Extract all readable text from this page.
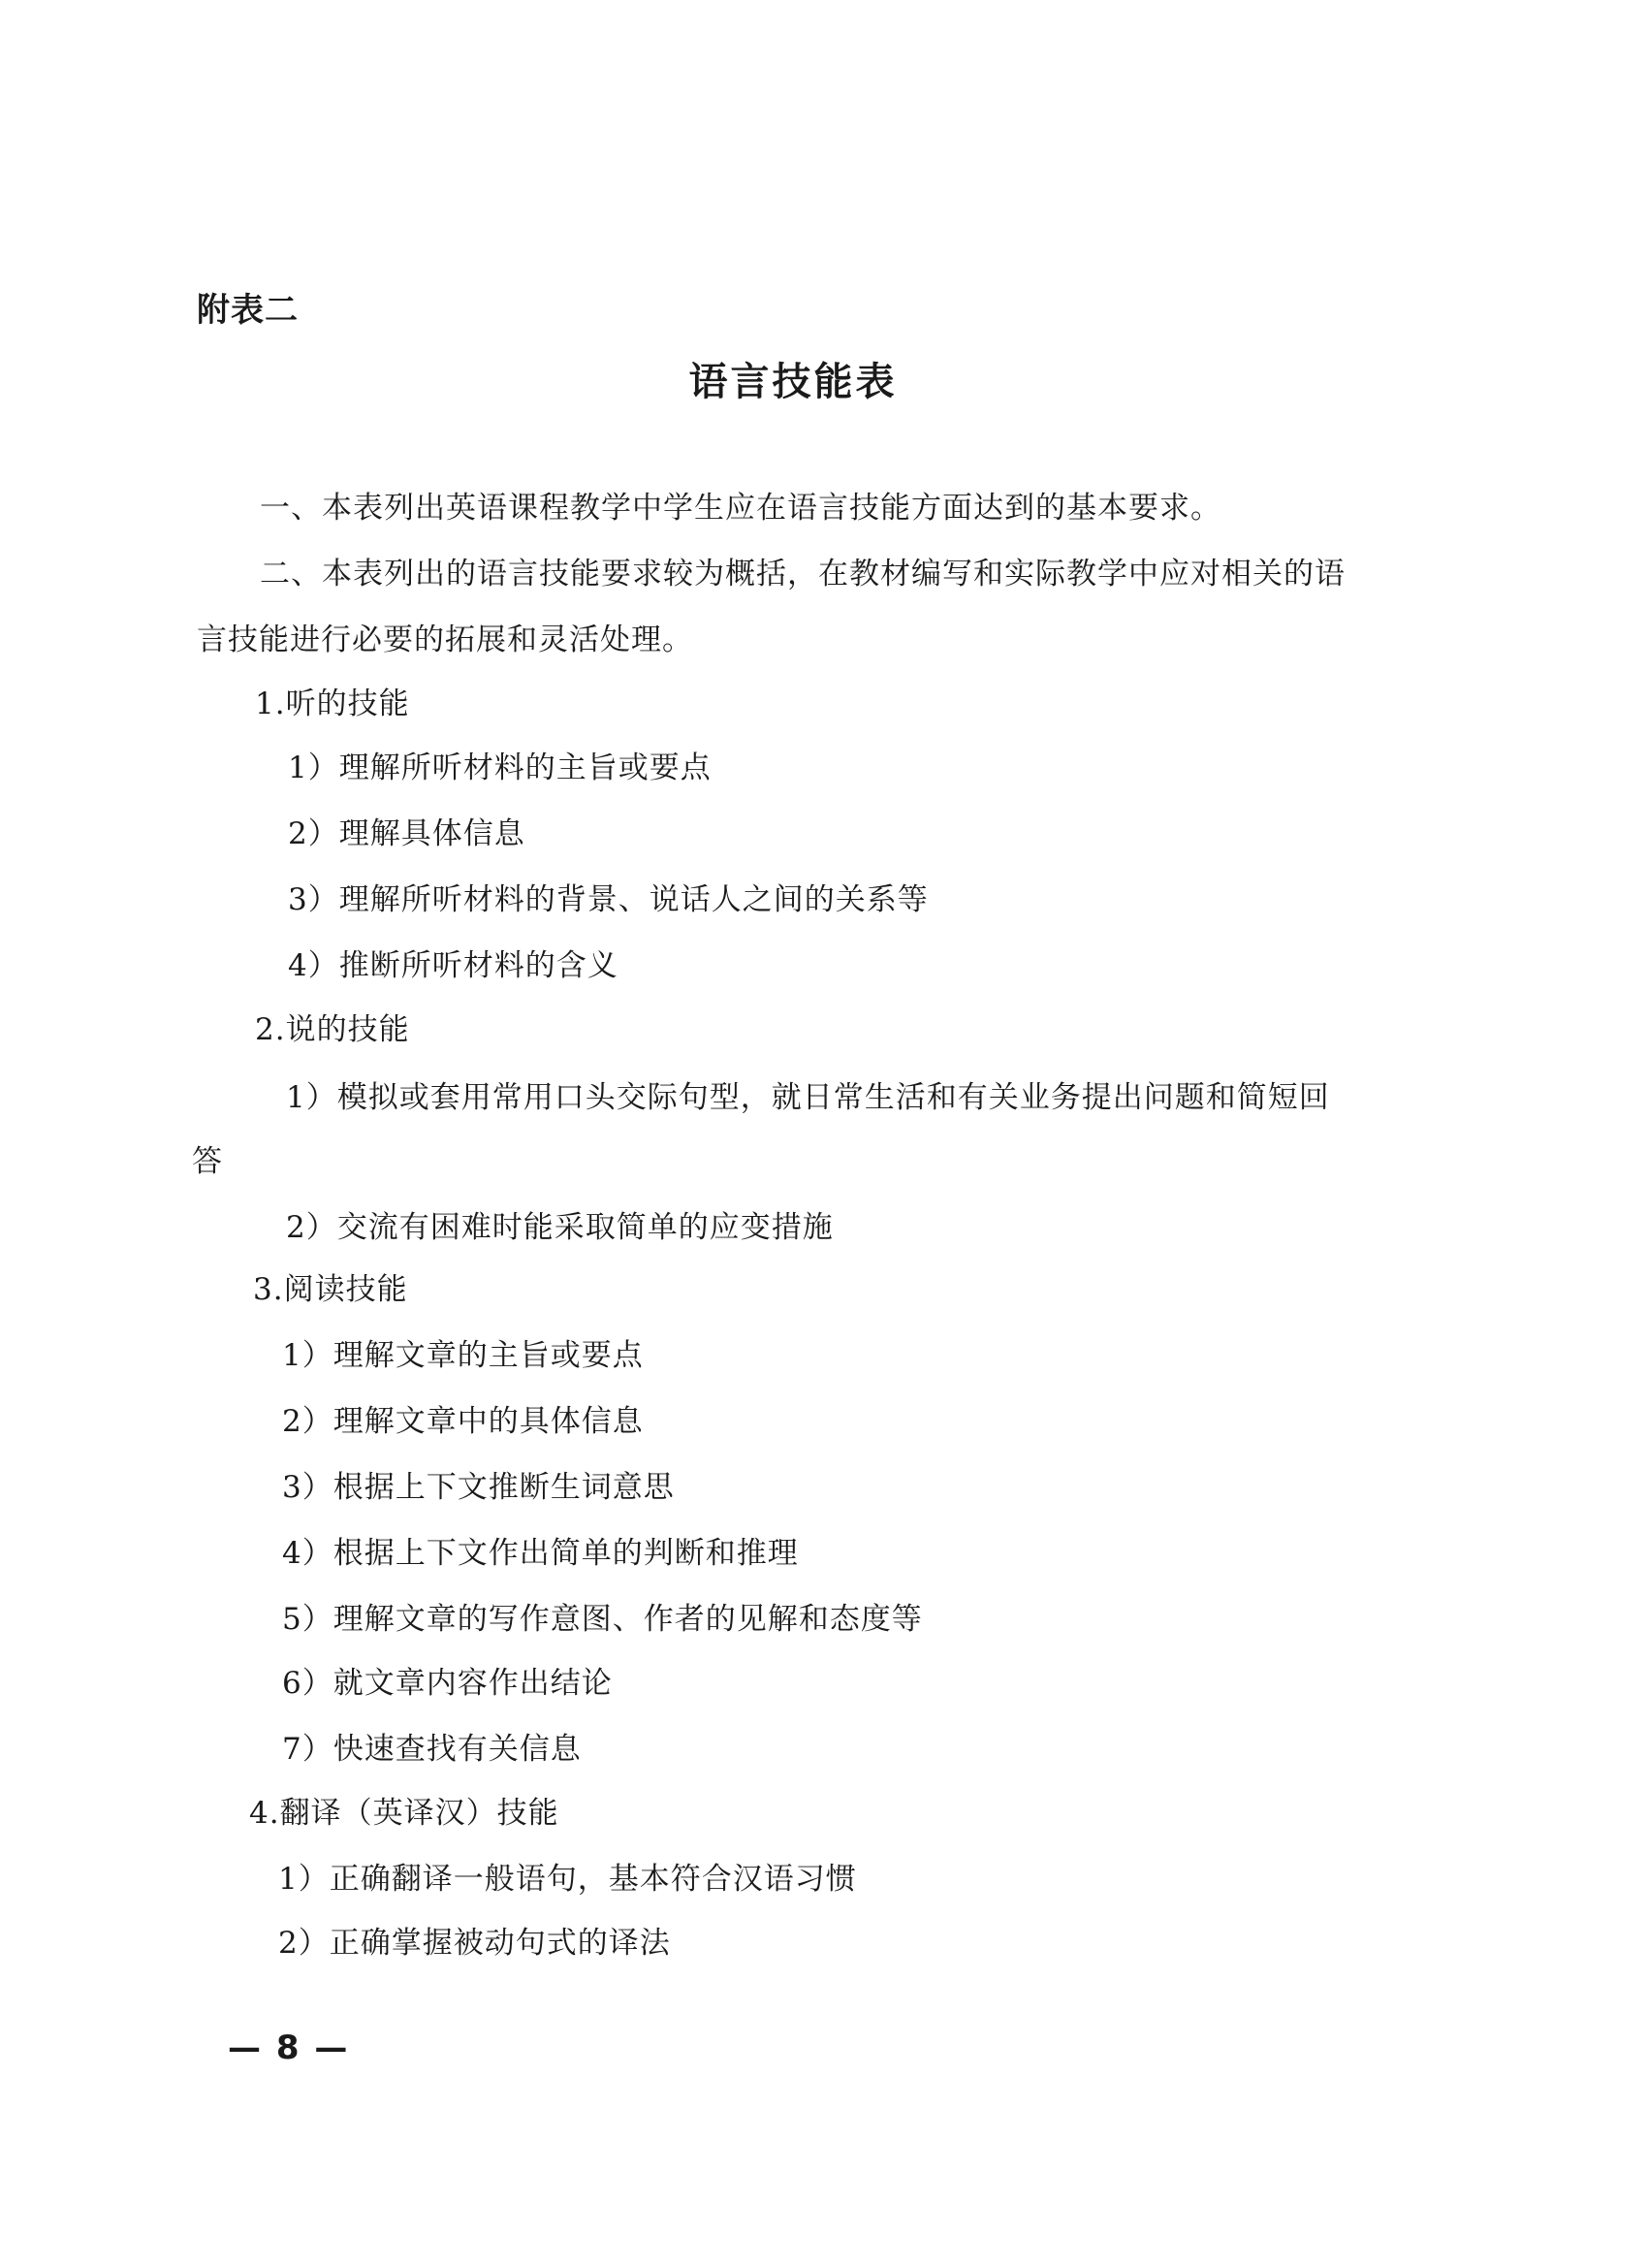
附表二
语言技能表
一、本表列出英语课程教学中学生应在语言技能方面达到的基本要求。
二、本表列出的语言技能要求较为概括，在教材编写和实际教学中应对相关的语
言技能进行必要的拓展和灵活处理。
1.听的技能
1）理解所听材料的主旨或要点
2）理解具体信息
3）理解所听材料的背景、说话人之间的关系等
4）推断所听材料的含义
2.说的技能
1）模拟或套用常用口头交际句型，就日常生活和有关业务提出问题和简短回
答
2）交流有困难时能采取简单的应变措施
3.阅读技能
1）理解文章的主旨或要点
2）理解文章中的具体信息
3）根据上下文推断生词意思
4）根据上下文作出简单的判断和推理
5）理解文章的写作意图、作者的见解和态度等
6）就文章内容作出结论
7）快速查找有关信息
4.翻译（英译汉）技能
1）正确翻译一般语句，基本符合汉语习惯
2）正确掌握被动句式的译法
— 8 —
